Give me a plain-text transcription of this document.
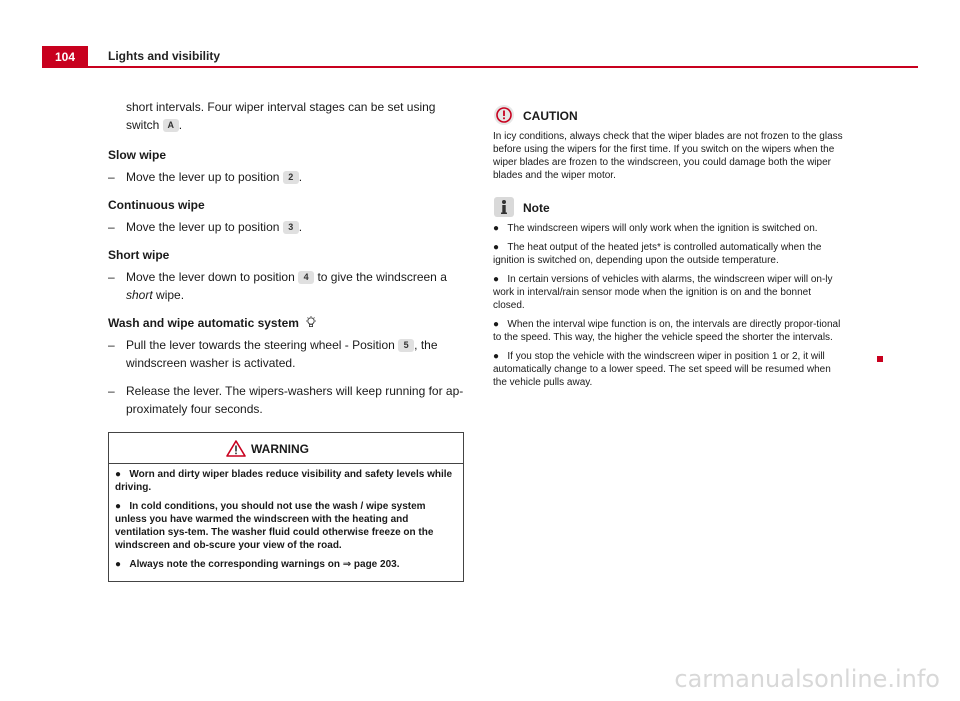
104	Lights and visibility
short intervals. Four wiper interval stages can be set using switch A .
Slow wipe
– Move the lever up to position 2 .
Continuous wipe
– Move the lever up to position 3 .
Short wipe
– Move the lever down to position 4 to give the windscreen a short wipe.
Wash and wipe automatic system
– Pull the lever towards the steering wheel - Position 5 , the windscreen washer is activated.
– Release the lever. The wipers-washers will keep running for ap-proximately four seconds.
WARNING

● Worn and dirty wiper blades reduce visibility and safety levels while driving.

● In cold conditions, you should not use the wash / wipe system unless you have warmed the windscreen with the heating and ventilation sys-tem. The washer fluid could otherwise freeze on the windscreen and ob-scure your view of the road.

● Always note the corresponding warnings on ⇒ page 203.

CAUTION
In icy conditions, always check that the wiper blades are not frozen to the glass before using the wipers for the first time. If you switch on the wipers when the wiper blades are frozen to the windscreen, you could damage both the wiper blades and the wiper motor.
Note

● The windscreen wipers will only work when the ignition is switched on.

● The heat output of the heated jets* is controlled automatically when the ignition is switched on, depending upon the outside temperature.

● In certain versions of vehicles with alarms, the windscreen wiper will on-ly work in interval/rain sensor mode when the ignition is on and the bonnet closed.

● When the interval wipe function is on, the intervals are directly propor-tional to the speed. This way, the higher the vehicle speed the shorter the intervals.

● If you stop the vehicle with the windscreen wiper in position 1 or 2, it will automatically change to a lower speed. The set speed will be resumed when the vehicle pulls away.

carmanualsonline.info
